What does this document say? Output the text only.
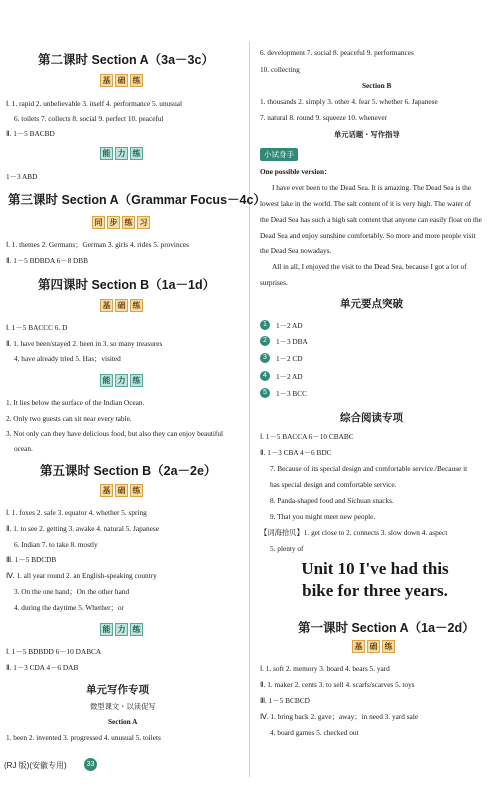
第二课时 Section A（3a－3c）
基 础 练
Ⅰ. 1. rapid 2. unbelievable 3. itself 4. performance 5. unusual
6. toilets 7. collects 8. social 9. perfect 10. peaceful
Ⅱ. 1－5 BACBD
能 力 练
1－3 ABD
第三课时 Section A（Grammar Focus－4c）
同 步 练 习
Ⅰ. 1. themes 2. Germans；German 3. girls 4. rides 5. provinces
Ⅱ. 1－5 BDBDA 6－8 DBB
第四课时 Section B（1a－1d）
基 础 练
Ⅰ. 1－5 BACCC 6. D
Ⅱ. 1. have been/stayed 2. been in 3. so many treasures
4. have already tried 5. Has；visited
能 力 练
1. It lies below the surface of the Indian Ocean.
2. Only two guests can sit near every table.
3. Not only can they have delicious food, but also they can enjoy beautiful
ocean.
第五课时 Section B（2a－2e）
基 础 练
Ⅰ. 1. foxes 2. safe 3. equator 4. whether 5. spring
Ⅱ. 1. to see 2. getting 3. awake 4. natural 5. Japanese
6. Indian 7. to take 8. mostly
Ⅲ. 1－5 BDCDB
Ⅳ. 1. all year round 2. an English-speaking country
3. On the one hand；On the other hand
4. during the daytime 5. Whether；or
能 力 练
Ⅰ. 1－5 BDBDD 6－10 DABCA
Ⅱ. 1－3 CDA 4－6 DAB
单元写作专项
微型课文・以读促写
Section A
1. been 2. invented 3. progressed 4. unusual 5. toilets
(RJ 版)(安徽专用)	33
6. development 7. social 8. peaceful 9. performances
10. collecting
Section B
1. thousands 2. simply 3. other 4. fear 5. whether 6. Japanese
7. natural 8. round 9. squeeze 10. whenever
单元话题・写作指导
小试身手
One possible version：
I have ever been to the Dead Sea. It is amazing. The Dead Sea is the
lowest lake in the world. The salt content of it is very high. The water of
the Dead Sea has such a high salt content that anyone can easily float on the
Dead Sea and enjoy sunshine comfortably. So more and more people visit
the Dead Sea nowadays.
All in all, I enjoyed the visit to the Dead Sea, because I got a lot of
surprises.
单元要点突破
1	1－2 AD
2	1－3 DBA
3	1－2 CD
4	1－2 AD
5	1－3 BCC
综合阅读专项
Ⅰ. 1－5 BACCA 6－10 CBABC
Ⅱ. 1－3 CBA 4－6 BDC
7. Because of its special design and comfortable service./Because it
has special design and comfortable service.
8. Panda-shaped food and Sichuan snacks.
9. That you might meet new people.
【词海拾贝】1. get close to 2. connects 3. slow down 4. aspect
5. plenty of
Unit 10 I've had this
bike for three years.
第一课时 Section A（1a－2d）
基 础 练
Ⅰ. 1. soft 2. memory 3. board 4. bears 5. yard
Ⅱ. 1. maker 2. cents 3. to sell 4. scarfs/scarves 5. toys
Ⅲ. 1－5 BCBCD
Ⅳ. 1. bring back 2. gave；away；in need 3. yard sale
4. board games 5. checked out
